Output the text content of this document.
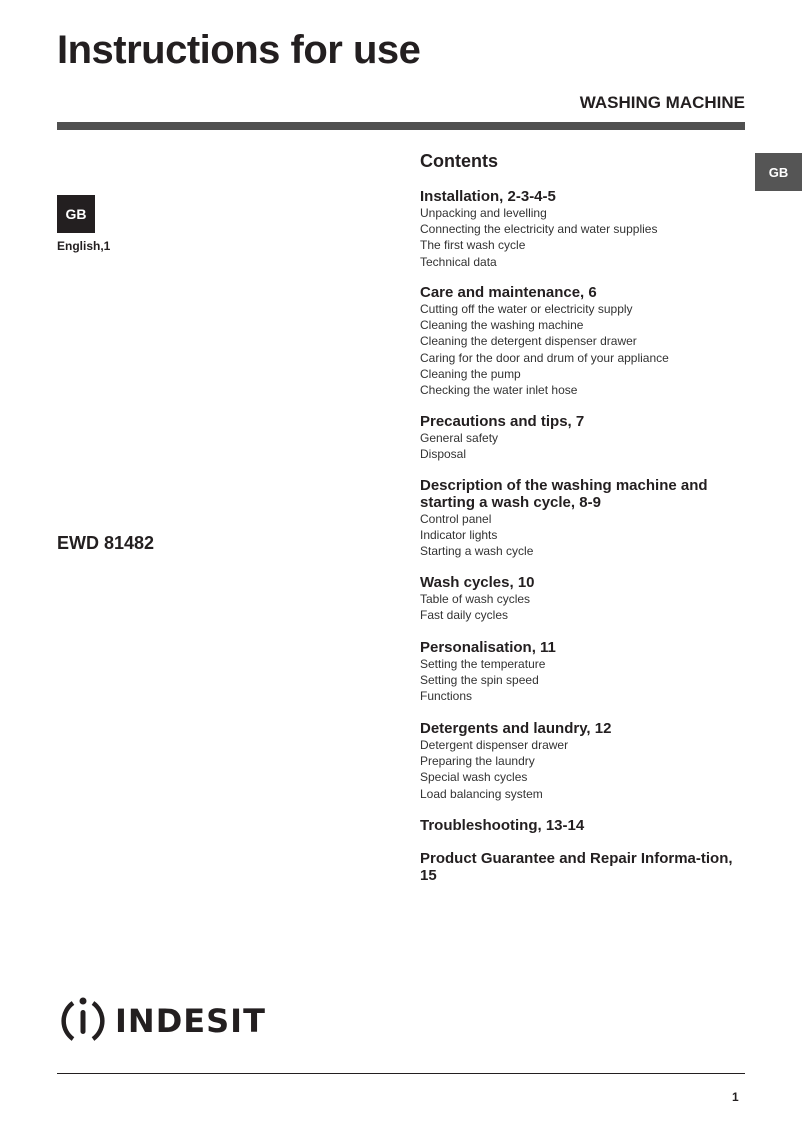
Instructions for use
WASHING MACHINE
GB
English,1
EWD 81482
GB
Contents
Installation, 2-3-4-5
Unpacking and levelling
Connecting the electricity and water supplies
The first wash cycle
Technical data
Care and maintenance, 6
Cutting off the water or electricity supply
Cleaning the washing machine
Cleaning the detergent dispenser drawer
Caring for the door and drum of your appliance
Cleaning the pump
Checking the water inlet hose
Precautions and tips, 7
General safety
Disposal
Description of the washing machine and starting a wash cycle, 8-9
Control panel
Indicator lights
Starting a wash cycle
Wash cycles, 10
Table of wash cycles
Fast daily cycles
Personalisation, 11
Setting the temperature
Setting the spin speed
Functions
Detergents and laundry, 12
Detergent dispenser drawer
Preparing the laundry
Special wash cycles
Load balancing system
Troubleshooting, 13-14
Product Guarantee and Repair Informa-tion, 15
INDESIT
1
